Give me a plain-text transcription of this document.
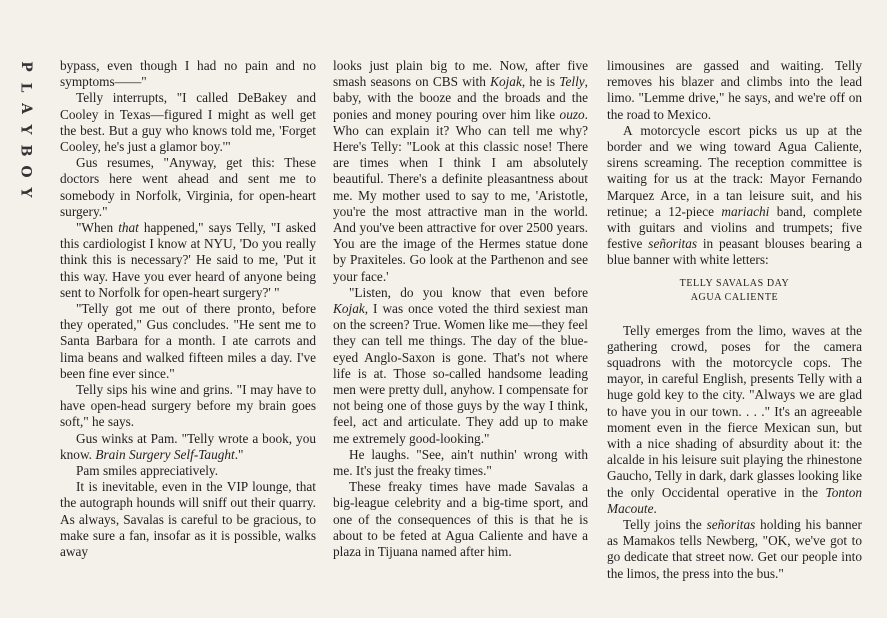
P
L
A
Y
B
O
Y

bypass, even though I had no pain and no symptoms——"

Telly interrupts, "I called DeBakey and Cooley in Texas—figured I might as well get the best. But a guy who knows told me, 'Forget Cooley, he's just a glamor boy.'"

Gus resumes, "Anyway, get this: These doctors here went ahead and sent me to somebody in Norfolk, Virginia, for open-heart surgery."

"When that happened," says Telly, "I asked this cardiologist I know at NYU, 'Do you really think this is necessary?' He said to me, 'Put it this way. Have you ever heard of anyone being sent to Norfolk for open-heart surgery?' "

"Telly got me out of there pronto, before they operated," Gus concludes. "He sent me to Santa Barbara for a month. I ate carrots and lima beans and walked fifteen miles a day. I've been fine ever since."

Telly sips his wine and grins. "I may have to have open-head surgery before my brain goes soft," he says.

Gus winks at Pam. "Telly wrote a book, you know. Brain Surgery Self-Taught."

Pam smiles appreciatively.

It is inevitable, even in the VIP lounge, that the autograph hounds will sniff out their quarry. As always, Savalas is careful to be gracious, to make sure a fan, insofar as it is possible, walks away

looks just plain big to me. Now, after five smash seasons on CBS with Kojak, he is Telly, baby, with the booze and the broads and the ponies and money pouring over him like ouzo. Who can explain it? Who can tell me why? Here's Telly: "Look at this classic nose! There are times when I think I am absolutely beautiful. There's a definite pleasantness about me. My mother used to say to me, 'Aristotle, you're the most attractive man in the world. And you've been attractive for over 2500 years. You are the image of the Hermes statue done by Praxiteles. Go look at the Parthenon and see your face.'

"Listen, do you know that even before Kojak, I was once voted the third sexiest man on the screen? True. Women like me—they feel they can tell me things. The day of the blue-eyed Anglo-Saxon is gone. That's not where life is at. Those so-called handsome leading men were pretty dull, anyhow. I compensate for not being one of those guys by the way I think, feel, act and articulate. They add up to make me extremely good-looking."

He laughs. "See, ain't nuthin' wrong with me. It's just the freaky times."

These freaky times have made Savalas a big-league celebrity and a big-time sport, and one of the consequences of this is that he is about to be feted at Agua Caliente and have a plaza in Tijuana named after him.

limousines are gassed and waiting. Telly removes his blazer and climbs into the lead limo. "Lemme drive," he says, and we're off on the road to Mexico.

A motorcycle escort picks us up at the border and we wing toward Agua Caliente, sirens screaming. The reception committee is waiting for us at the track: Mayor Fernando Marquez Arce, in a tan leisure suit, and his retinue; a 12-piece mariachi band, complete with guitars and violins and trumpets; five festive señoritas in peasant blouses bearing a blue banner with white letters:

TELLY SAVALAS DAY

AGUA CALIENTE

Telly emerges from the limo, waves at the gathering crowd, poses for the camera squadrons with the motorcycle cops. The mayor, in careful English, presents Telly with a huge gold key to the city. "Always we are glad to have you in our town. . . ." It's an agreeable moment even in the fierce Mexican sun, but with a nice shading of absurdity about it: the alcalde in his leisure suit playing the rhinestone Gaucho, Telly in dark, dark glasses looking like the only Occidental operative in the Tonton Macoute.

Telly joins the señoritas holding his banner as Mamakos tells Newberg, "OK, we've got to go dedicate that street now. Get our people into the limos, the press into the bus."
